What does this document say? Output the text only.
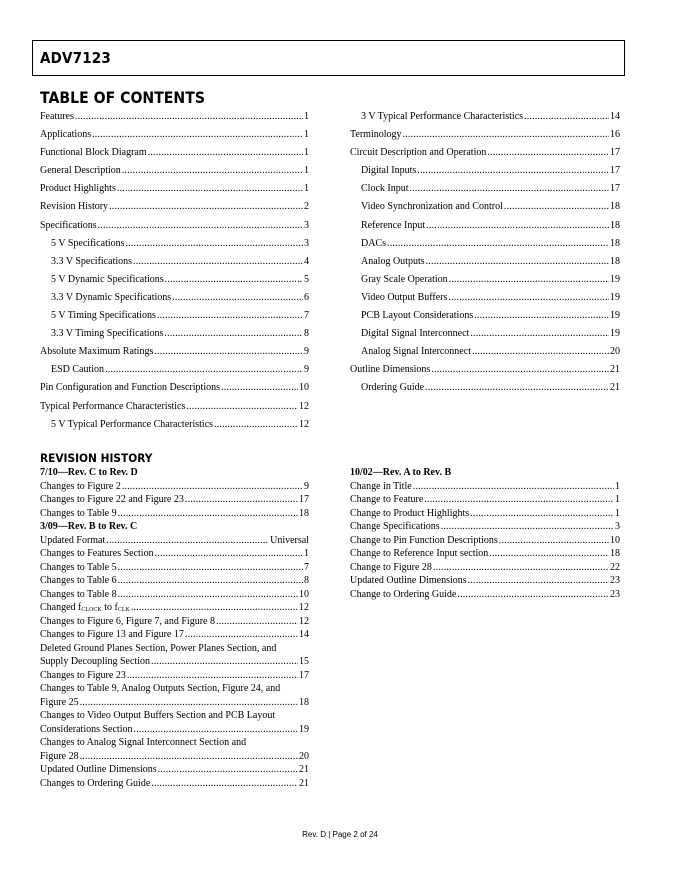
ADV7123
TABLE OF CONTENTS
Features .....	1
Applications .....	1
Functional Block Diagram .....	1
General Description .....	1
Product Highlights .....	1
Revision History .....	2
Specifications .....	3
5 V Specifications .....	3
3.3 V Specifications .....	4
5 V Dynamic Specifications .....	5
3.3 V Dynamic Specifications .....	6
5 V Timing Specifications .....	7
3.3 V Timing Specifications .....	8
Absolute Maximum Ratings .....	9
ESD Caution .....	9
Pin Configuration and Function Descriptions .....	10
Typical Performance Characteristics .....	12
5 V Typical Performance Characteristics .....	12
3 V Typical Performance Characteristics .....	14
Terminology .....	16
Circuit Description and Operation .....	17
Digital Inputs .....	17
Clock Input .....	17
Video Synchronization and Control .....	18
Reference Input .....	18
DACs .....	18
Analog Outputs .....	18
Gray Scale Operation .....	19
Video Output Buffers .....	19
PCB Layout Considerations .....	19
Digital Signal Interconnect .....	19
Analog Signal Interconnect .....	20
Outline Dimensions .....	21
Ordering Guide .....	21
REVISION HISTORY
7/10—Rev. C to Rev. D
Changes to Figure 2 .....	9
Changes to Figure 22 and Figure 23 .....	17
Changes to Table 9 .....	18
3/09—Rev. B to Rev. C
Updated Format .....	Universal
Changes to Features Section .....	1
Changes to Table 5 .....	7
Changes to Table 6 .....	8
Changes to Table 8 .....	10
Changed $f_{CLOCK}$ to $f_{CLK}$ .....	12
Changes to Figure 6, Figure 7, and Figure 8 .....	12
Changes to Figure 13 and Figure 17 .....	14
Deleted Ground Planes Section, Power Planes Section, and
Supply Decoupling Section .....	15
Changes to Figure 23 .....	17
Changes to Table 9, Analog Outputs Section, Figure 24, and
Figure 25 .....	18
Changes to Video Output Buffers Section and PCB Layout
Considerations Section .....	19
Changes to Analog Signal Interconnect Section and
Figure 28 .....	20
Updated Outline Dimensions .....	21
Changes to Ordering Guide .....	21
10/02—Rev. A to Rev. B
Change in Title .....	1
Change to Feature .....	1
Change to Product Highlights .....	1
Change Specifications .....	3
Change to Pin Function Descriptions .....	10
Change to Reference Input section .....	18
Change to Figure 28 .....	22
Updated Outline Dimensions .....	23
Change to Ordering Guide .....	23
Rev. D | Page 2 of 24
